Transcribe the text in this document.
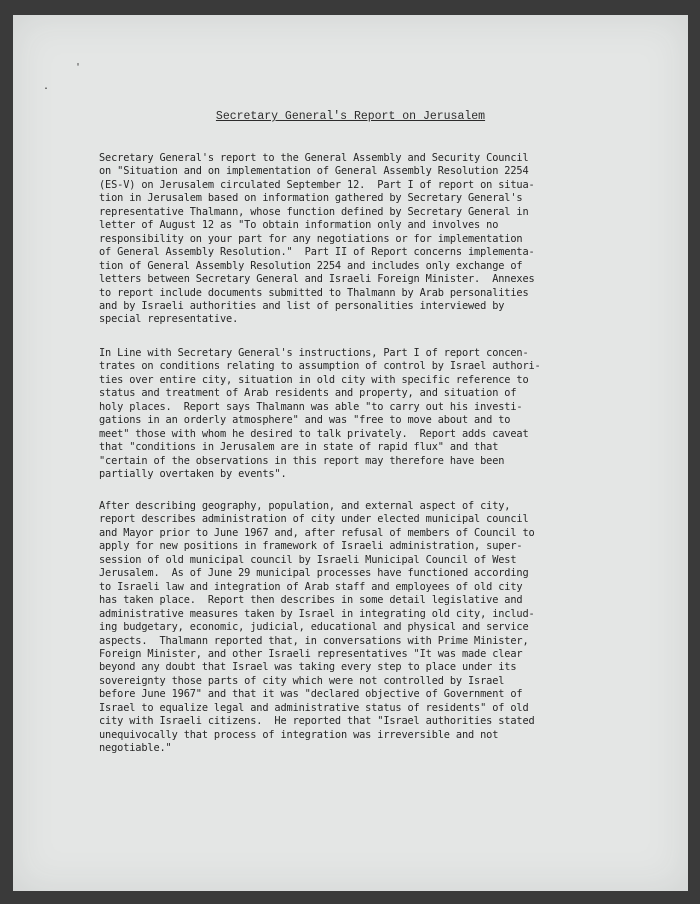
'
.
Secretary General's Report on Jerusalem
Secretary General's report to the General Assembly and Security Council
on "Situation and on implementation of General Assembly Resolution 2254
(ES-V) on Jerusalem circulated September 12.  Part I of report on situa-
tion in Jerusalem based on information gathered by Secretary General's
representative Thalmann, whose function defined by Secretary General in
letter of August 12 as "To obtain information only and involves no
responsibility on your part for any negotiations or for implementation
of General Assembly Resolution."  Part II of Report concerns implementa-
tion of General Assembly Resolution 2254 and includes only exchange of
letters between Secretary General and Israeli Foreign Minister.  Annexes
to report include documents submitted to Thalmann by Arab personalities
and by Israeli authorities and list of personalities interviewed by
special representative.
In Line with Secretary General's instructions, Part I of report concen-
trates on conditions relating to assumption of control by Israel authori-
ties over entire city, situation in old city with specific reference to
status and treatment of Arab residents and property, and situation of
holy places.  Report says Thalmann was able "to carry out his investi-
gations in an orderly atmosphere" and was "free to move about and to
meet" those with whom he desired to talk privately.  Report adds caveat
that "conditions in Jerusalem are in state of rapid flux" and that
"certain of the observations in this report may therefore have been
partially overtaken by events".
After describing geography, population, and external aspect of city,
report describes administration of city under elected municipal council
and Mayor prior to June 1967 and, after refusal of members of Council to
apply for new positions in framework of Israeli administration, super-
session of old municipal council by Israeli Municipal Council of West
Jerusalem.  As of June 29 municipal processes have functioned according
to Israeli law and integration of Arab staff and employees of old city
has taken place.  Report then describes in some detail legislative and
administrative measures taken by Israel in integrating old city, includ-
ing budgetary, economic, judicial, educational and physical and service
aspects.  Thalmann reported that, in conversations with Prime Minister,
Foreign Minister, and other Israeli representatives "It was made clear
beyond any doubt that Israel was taking every step to place under its
sovereignty those parts of city which were not controlled by Israel
before June 1967" and that it was "declared objective of Government of
Israel to equalize legal and administrative status of residents" of old
city with Israeli citizens.  He reported that "Israel authorities stated
unequivocally that process of integration was irreversible and not
negotiable."
